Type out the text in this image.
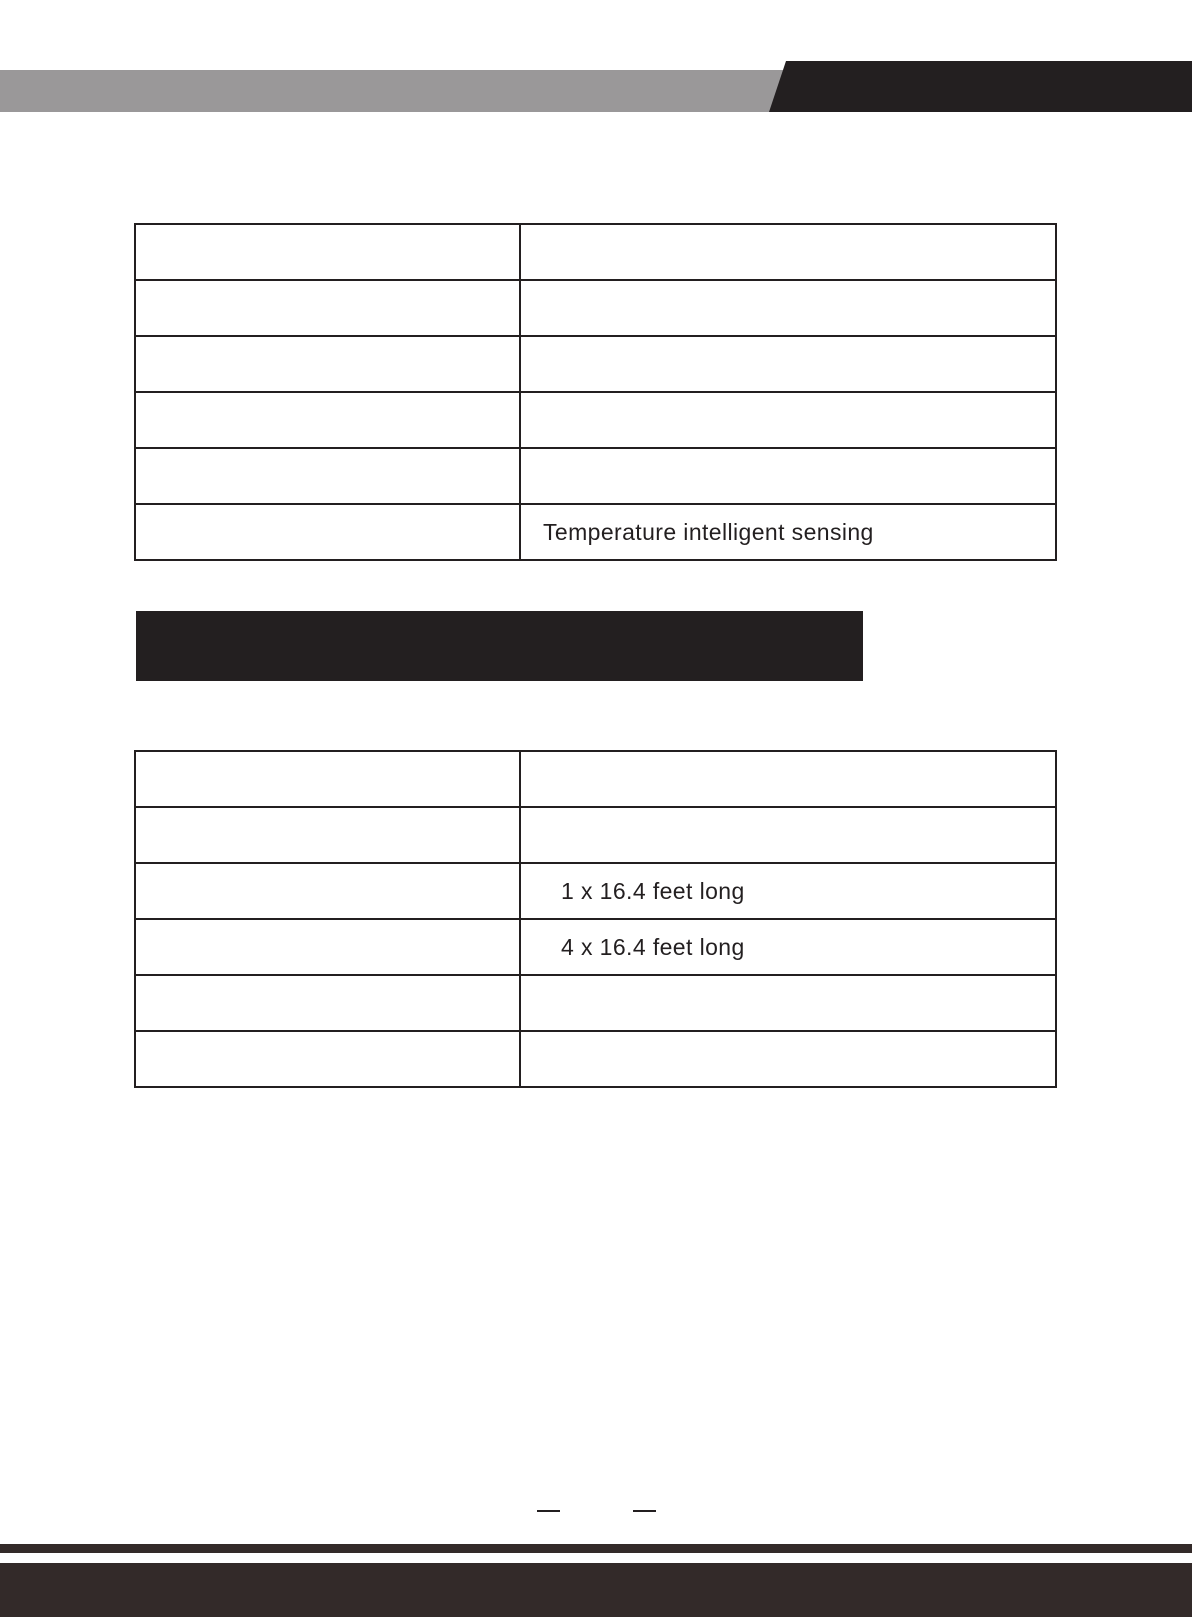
	Temperature intelligent sensing

	1 x 16.4 feet long
	4 x 16.4 feet long
